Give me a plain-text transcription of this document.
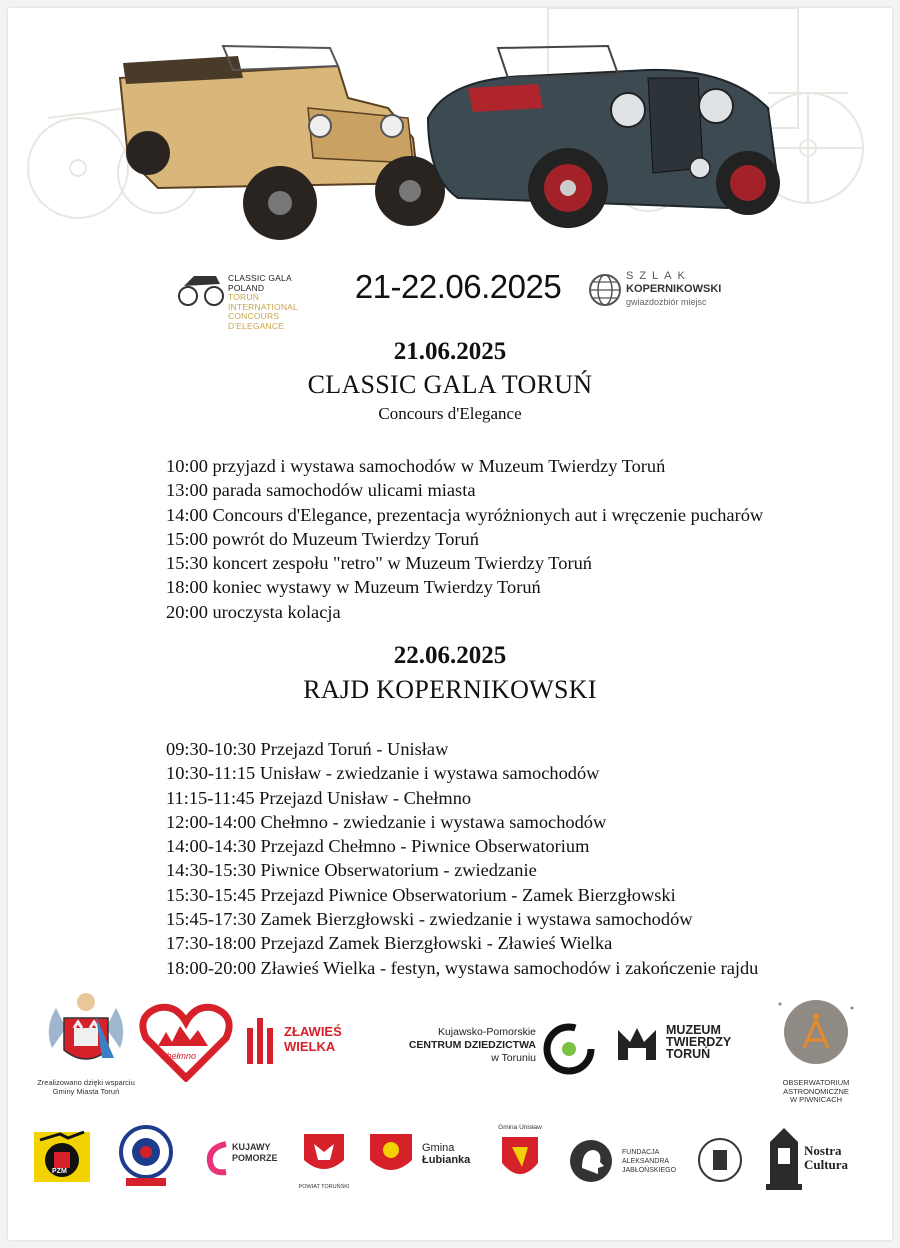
CLASSIC GALA POLAND
TORUŃ INTERNATIONAL
CONCOURS D'ELEGANCE
21-22.06.2025	SZLAK
KOPERNIKOWSKI
gwiazdozbiór miejsc
21.06.2025
CLASSIC GALA TORUŃ
Concours d'Elegance
10:00 przyjazd i wystawa samochodów w Muzeum Twierdzy Toruń
13:00 parada samochodów ulicami miasta
14:00 Concours d'Elegance, prezentacja wyróżnionych aut i wręczenie pucharów
15:00 powrót do Muzeum Twierdzy Toruń
15:30 koncert zespołu "retro" w Muzeum Twierdzy Toruń
18:00 koniec wystawy w Muzeum Twierdzy Toruń
20:00 uroczysta kolacja
22.06.2025
RAJD KOPERNIKOWSKI
09:30-10:30 Przejazd Toruń - Unisław
10:30-11:15 Unisław - zwiedzanie i wystawa samochodów
11:15-11:45 Przejazd Unisław - Chełmno
12:00-14:00 Chełmno - zwiedzanie i wystawa samochodów
14:00-14:30 Przejazd Chełmno - Piwnice Obserwatorium
14:30-15:30 Piwnice Obserwatorium - zwiedzanie
15:30-15:45 Przejazd Piwnice Obserwatorium - Zamek Bierzgłowski
15:45-17:30 Zamek Bierzgłowski - zwiedzanie i wystawa samochodów
17:30-18:00 Przejazd Zamek Bierzgłowski - Zławieś Wielka
18:00-20:00 Zławieś Wielka - festyn, wystawa samochodów i zakończenie rajdu
Zrealizowano dzięki wsparciu
Gminy Miasta Toruń
Chełmno
ZŁAWIEŚ
WIELKA
Kujawsko-Pomorskie
CENTRUM DZIEDZICTWA
w Toruniu
MUZEUM
TWIERDZY
TORUŃ
OBSERWATORIUM
ASTRONOMICZNE
W PIWNICACH
PZM
KUJAWY
POMORZE
POWIAT TORUŃSKI
Gmina
Łubianka
Gmina Unisław
FUNDACJA
ALEKSANDRA
JABŁOŃSKIEGO
Nostra
Cultura
